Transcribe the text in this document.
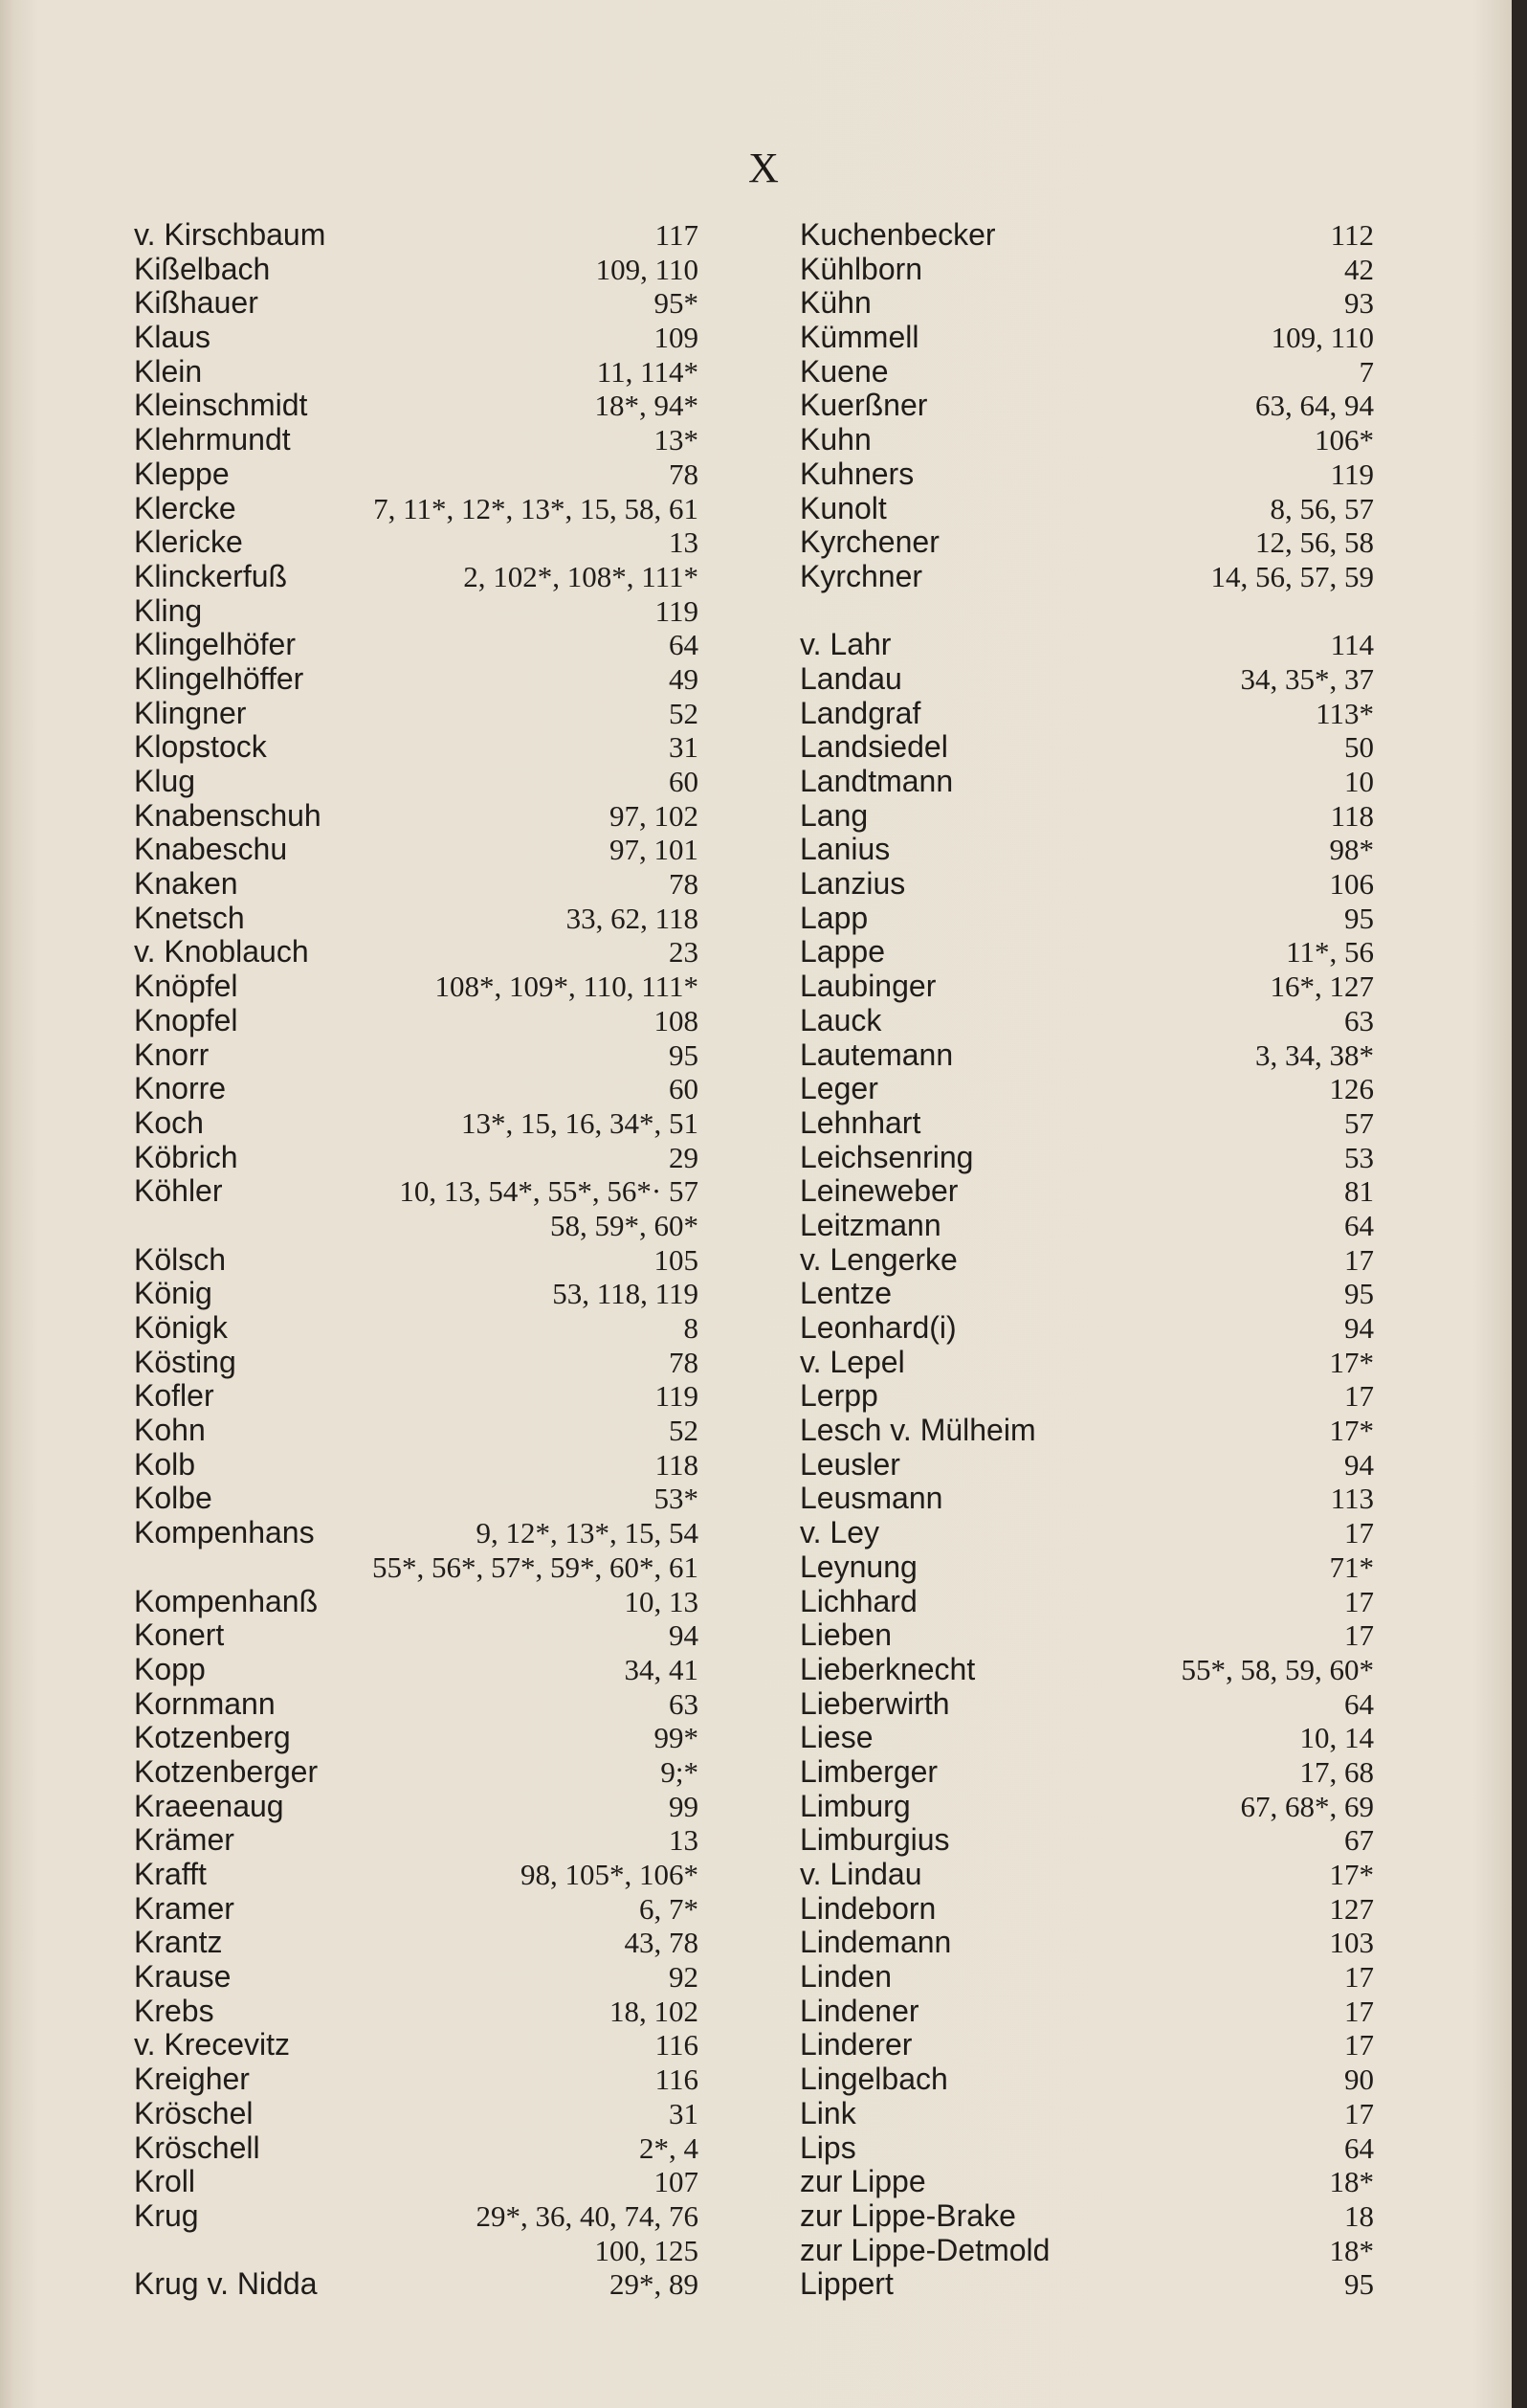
X
v. Kirschbaum	117
Kißelbach	109, 110
Kißhauer	95*
Klaus	109
Klein	11, 114*
Kleinschmidt	18*, 94*
Klehrmundt	13*
Kleppe	78
Klercke	7, 11*, 12*, 13*, 15, 58, 61
Klericke	13
Klinckerfuß	2, 102*, 108*, 111*
Kling	119
Klingelhöfer	64
Klingelhöffer	49
Klingner	52
Klopstock	31
Klug	60
Knabenschuh	97, 102
Knabeschu	97, 101
Knaken	78
Knetsch	33, 62, 118
v. Knoblauch	23
Knöpfel	108*, 109*, 110, 111*
Knopfel	108
Knorr	95
Knorre	60
Koch	13*, 15, 16, 34*, 51
Köbrich	29
Köhler	10, 13, 54*, 55*, 56*· 57
58, 59*, 60*
Kölsch	105
König	53, 118, 119
Königk	8
Kösting	78
Kofler	119
Kohn	52
Kolb	118
Kolbe	53*
Kompenhans	9, 12*, 13*, 15, 54
55*, 56*, 57*, 59*, 60*, 61
Kompenhanß	10, 13
Konert	94
Kopp	34, 41
Kornmann	63
Kotzenberg	99*
Kotzenberger	9;*
Kraeenaug	99
Krämer	13
Krafft	98, 105*, 106*
Kramer	6, 7*
Krantz	43, 78
Krause	92
Krebs	18, 102
v. Krecevitz	116
Kreigher	116
Kröschel	31
Kröschell	2*, 4
Kroll	107
Krug	29*, 36, 40, 74, 76
100, 125
Krug v. Nidda	29*, 89
Kuchenbecker	112
Kühlborn	42
Kühn	93
Kümmell	109, 110
Kuene	7
Kuerßner	63, 64, 94
Kuhn	106*
Kuhners	119
Kunolt	8, 56, 57
Kyrchener	12, 56, 58
Kyrchner	14, 56, 57, 59
v. Lahr	114
Landau	34, 35*, 37
Landgraf	113*
Landsiedel	50
Landtmann	10
Lang	118
Lanius	98*
Lanzius	106
Lapp	95
Lappe	11*, 56
Laubinger	16*, 127
Lauck	63
Lautemann	3, 34, 38*
Leger	126
Lehnhart	57
Leichsenring	53
Leineweber	81
Leitzmann	64
v. Lengerke	17
Lentze	95
Leonhard(i)	94
v. Lepel	17*
Lerpp	17
Lesch v. Mülheim	17*
Leusler	94
Leusmann	113
v. Ley	17
Leynung	71*
Lichhard	17
Lieben	17
Lieberknecht	55*, 58, 59, 60*
Lieberwirth	64
Liese	10, 14
Limberger	17, 68
Limburg	67, 68*, 69
Limburgius	67
v. Lindau	17*
Lindeborn	127
Lindemann	103
Linden	17
Lindener	17
Linderer	17
Lingelbach	90
Link	17
Lips	64
zur Lippe	18*
zur Lippe-Brake	18
zur Lippe-Detmold	18*
Lippert	95
